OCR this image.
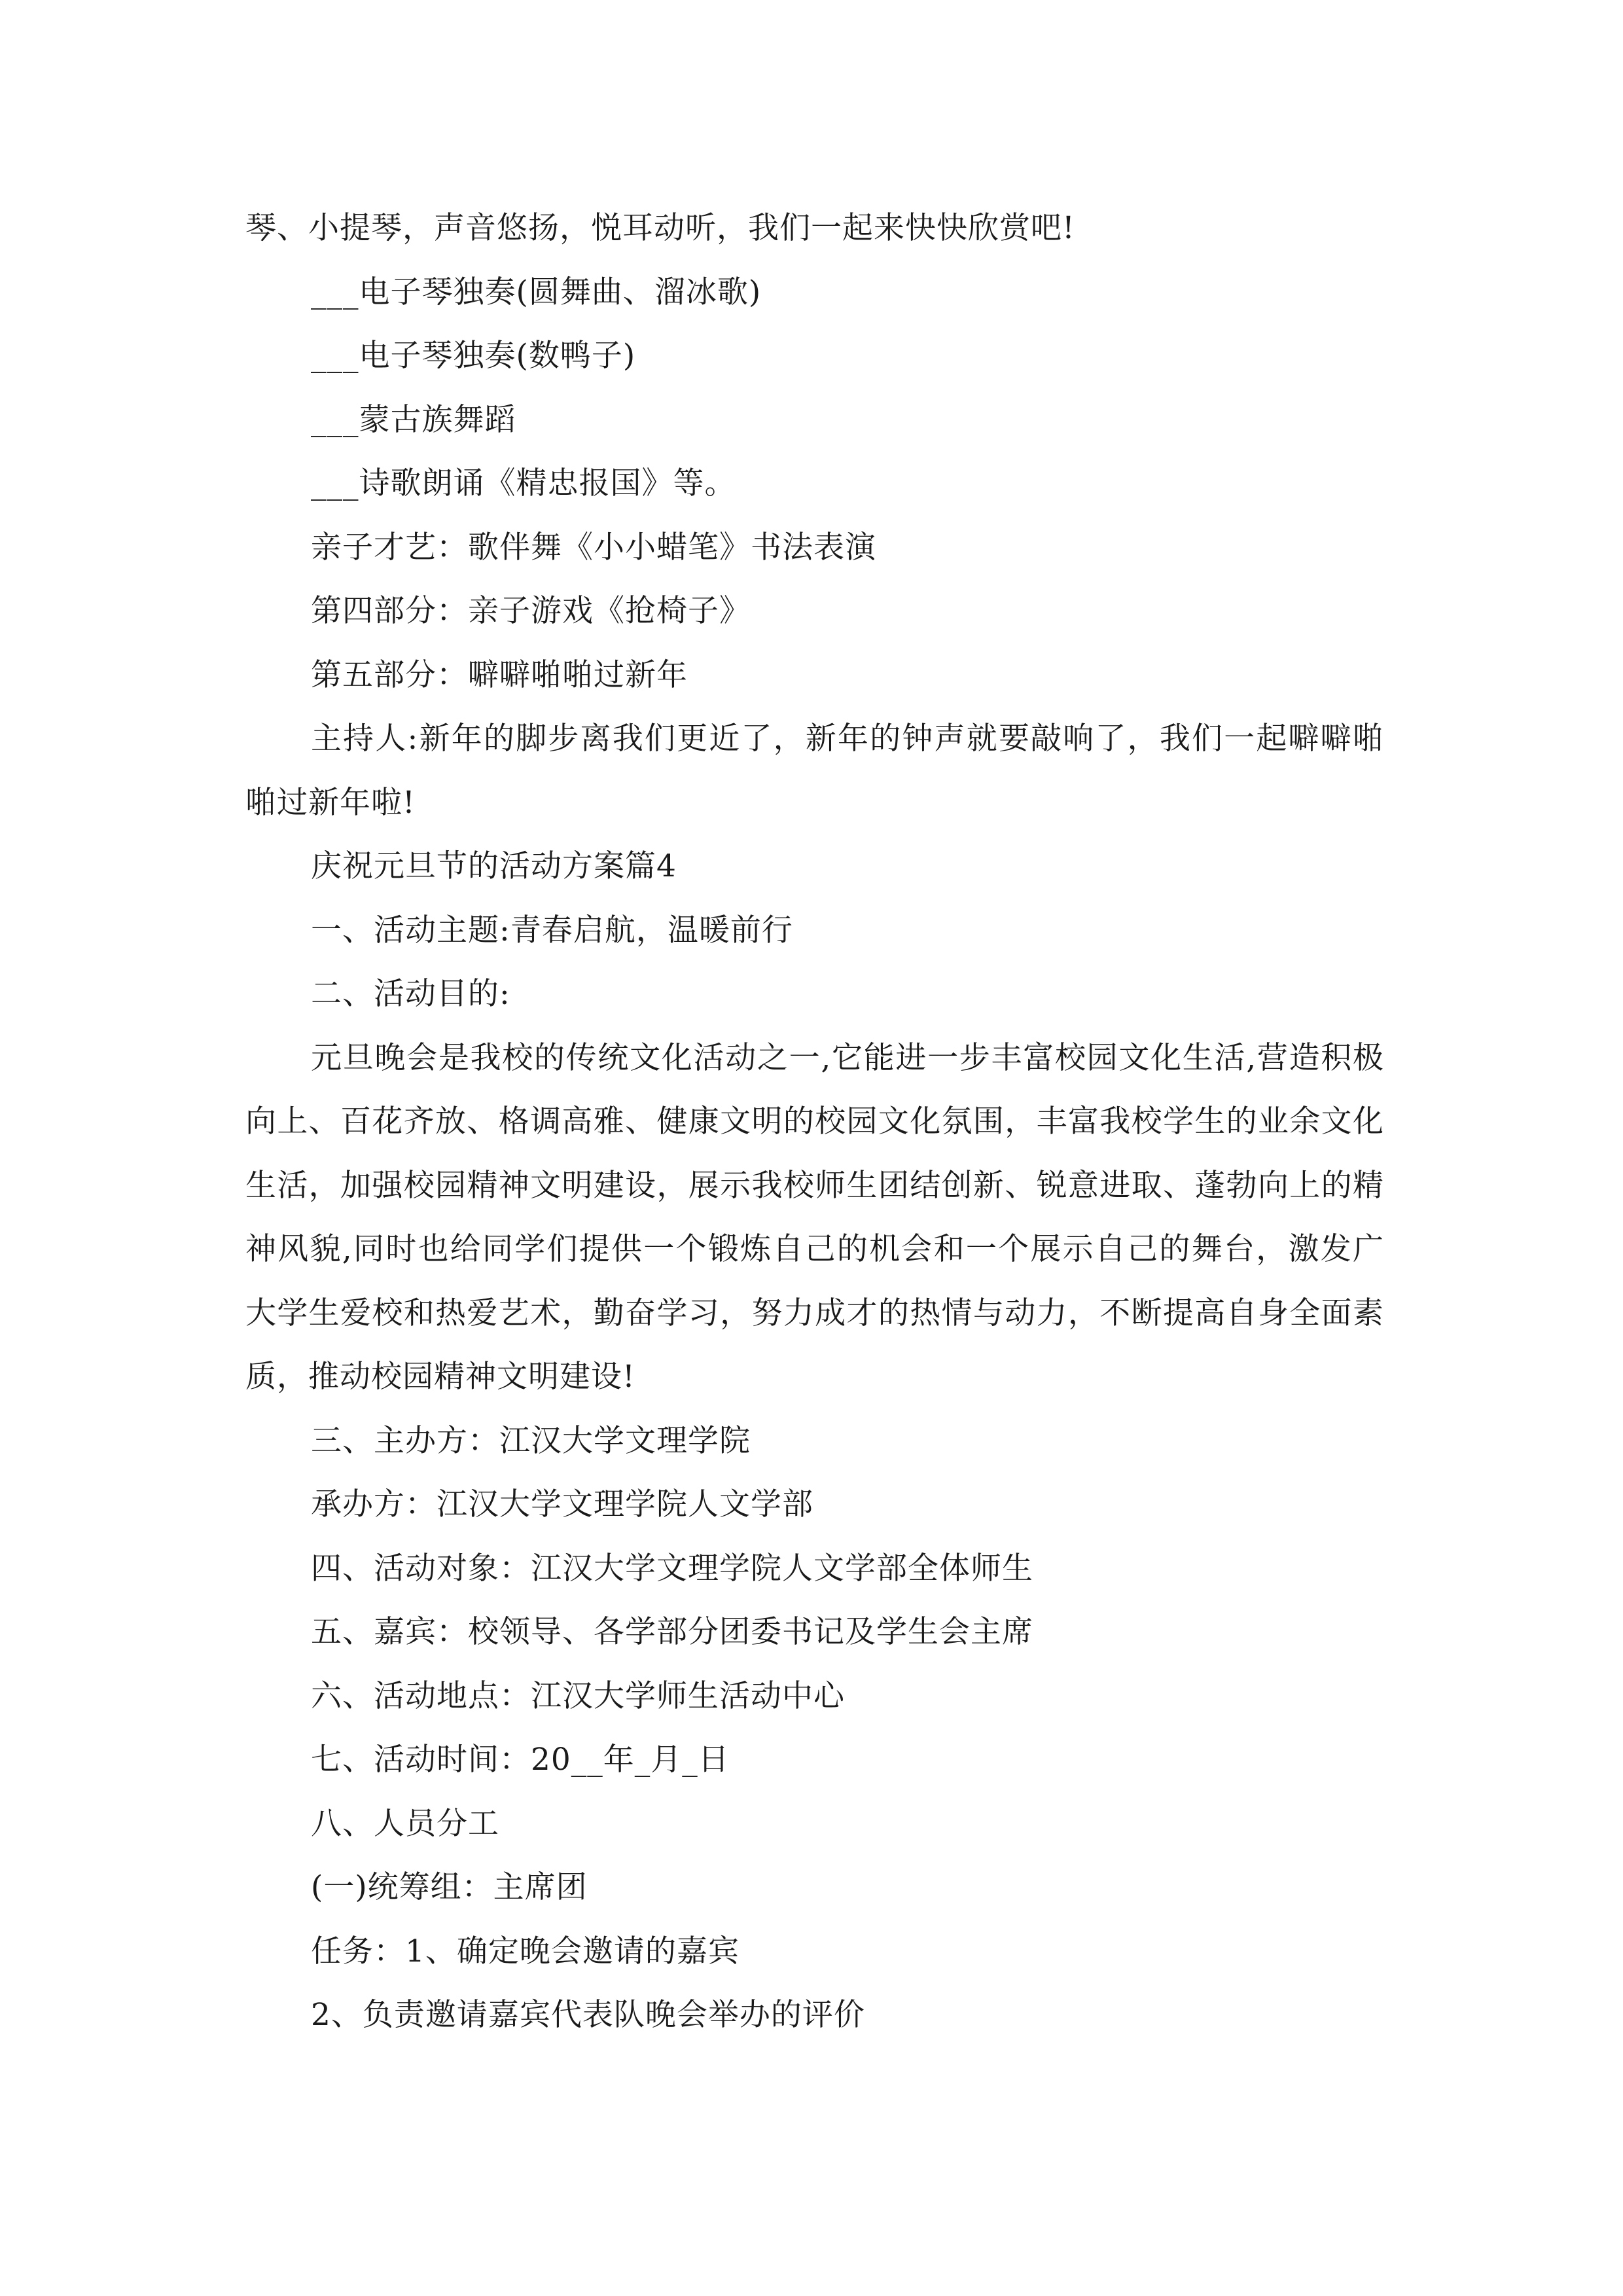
琴、小提琴，声音悠扬，悦耳动听，我们一起来快快欣赏吧!

___电子琴独奏(圆舞曲、溜冰歌)

___电子琴独奏(数鸭子)

___蒙古族舞蹈

___诗歌朗诵《精忠报国》等。

亲子才艺：歌伴舞《小小蜡笔》书法表演

第四部分：亲子游戏《抢椅子》

第五部分：噼噼啪啪过新年

主持人:新年的脚步离我们更近了，新年的钟声就要敲响了，我们一起噼噼啪啪过新年啦!

庆祝元旦节的活动方案篇4

一、活动主题:青春启航，温暖前行

二、活动目的:

元旦晚会是我校的传统文化活动之一,它能进一步丰富校园文化生活,营造积极向上、百花齐放、格调高雅、健康文明的校园文化氛围，丰富我校学生的业余文化生活，加强校园精神文明建设，展示我校师生团结创新、锐意进取、蓬勃向上的精神风貌,同时也给同学们提供一个锻炼自己的机会和一个展示自己的舞台，激发广大学生爱校和热爱艺术，勤奋学习，努力成才的热情与动力，不断提高自身全面素质，推动校园精神文明建设!

三、主办方：江汉大学文理学院

承办方：江汉大学文理学院人文学部

四、活动对象：江汉大学文理学院人文学部全体师生

五、嘉宾：校领导、各学部分团委书记及学生会主席

六、活动地点：江汉大学师生活动中心

七、活动时间：20__年_月_日

八、人员分工

(一)统筹组：主席团

任务：1、确定晚会邀请的嘉宾

2、负责邀请嘉宾代表队晚会举办的评价
